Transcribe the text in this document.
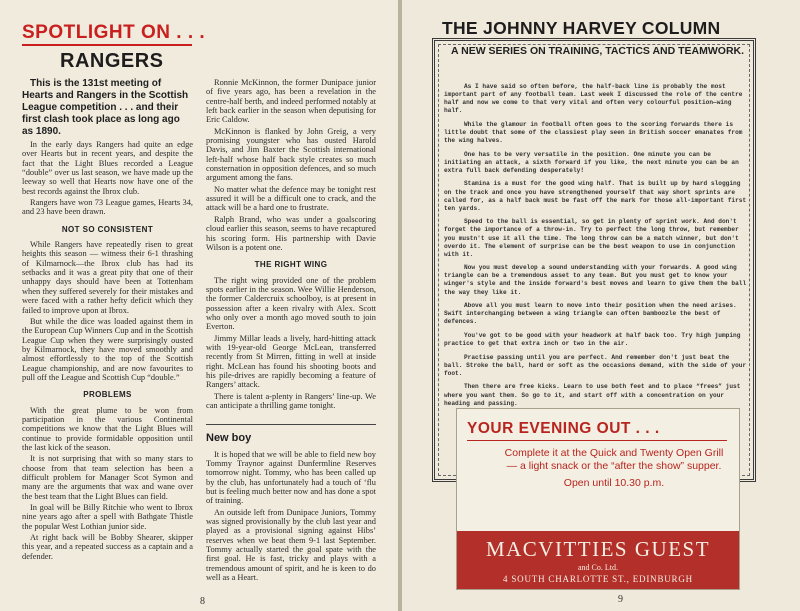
SPOTLIGHT ON . . .
RANGERS

This is the 131st meeting of Hearts and Rangers in the Scottish League competition . . . and their first clash took place as long ago as 1890.

In the early days Rangers had quite an edge over Hearts but in recent years, and despite the fact that the Light Blues recorded a League “double” over us last season, we have made up the leeway so well that Hearts now have one of the best records against the Ibrox club.

Rangers have won 73 League games, Hearts 34, and 23 have been drawn.

NOT SO CONSISTENT

While Rangers have repeatedly risen to great heights this season — witness their 6-1 thrashing of Kilmarnock—the Ibrox club has had its setbacks and it was a great pity that one of their unhappy days should have been at Tottenham when they suffered severely for their mistakes and were faced with a rather hefty deficit which they failed to improve upon at Ibrox.

But while the dice was loaded against them in the European Cup Winners Cup and in the Scottish League Cup when they were surprisingly ousted by Kilmarnock, they have moved smoothly and almost effortlessly to the top of the Scottish League championship, and are now favourites to pull off the League and Scottish Cup “double.”

PROBLEMS

With the great plume to be won from participation in the various Continental competitions we know that the Light Blues will continue to provide formidable opposition until the last kick of the season.

It is not surprising that with so many stars to choose from that team selection has been a difficult problem for Manager Scot Symon and many are the arguments that wax and wane over the best team that the Light Blues can field.

In goal will be Billy Ritchie who went to Ibrox nine years ago after a spell with Bathgate Thistle the popular West Lothian junior side.

At right back will be Bobby Shearer, skipper this year, and a repeated success as a captain and a defender.

Ronnie McKinnon, the former Dunipace junior of five years ago, has been a revelation in the centre-half berth, and indeed performed notably at left back earlier in the season when deputising for Eric Caldow.

McKinnon is flanked by John Greig, a very promising youngster who has ousted Harold Davis, and Jim Baxter the Scottish international left-half whose half back style creates so much consternation in opposition defences, and so much argument among the fans.

No matter what the defence may be tonight rest assured it will be a difficult one to crack, and the attack will be a hard one to frustrate.

Ralph Brand, who was under a goalscoring cloud earlier this season, seems to have recaptured his scoring form. His partnership with Davie Wilson is a potent one.

THE RIGHT WING

The right wing provided one of the problem spots earlier in the season. Wee Willie Henderson, the former Caldercruix schoolboy, is at present in possession after a keen rivalry with Alex. Scott who only over a month ago moved south to join Everton.

Jimmy Millar leads a lively, hard-hitting attack with 19-year-old George McLean, transferred recently from St Mirren, fitting in well at inside right. McLean has found his shooting boots and his pile-drives are rapidly becoming a feature of Rangers’ attack.

There is talent a-plenty in Rangers’ line-up. We can anticipate a thrilling game tonight.

New boy

It is hoped that we will be able to field new boy Tommy Traynor against Dunfermline Reserves tomorrow night. Tommy, who has been called up by the club, has unfortunately had a touch of ‘flu but is feeling much better now and has done a spot of training.

An outside left from Dunipace Juniors, Tommy was signed provisionally by the club last year and played as a provisional signing against Hibs’ reserves when we beat them 9-1 last September. Tommy actually started the goal spate with the first goal. He is fast, tricky and plays with a tremendous amount of spirit, and he is keen to do well as a Heart.

8
THE JOHNNY HARVEY COLUMN
A NEW SERIES ON TRAINING, TACTICS AND TEAMWORK.

As I have said so often before, the half-back line is probably the most important part of any football team. Last week I discussed the role of the centre half and now we come to that very vital and often very colourful position—wing half.

While the glamour in football often goes to the scoring forwards there is little doubt that some of the classiest play seen in British soccer emanates from the wing halves.

One has to be very versatile in the position. One minute you can be initiating an attack, a sixth forward if you like, the next minute you can be an extra full back defending desperately!

Stamina is a must for the good wing half. That is built up by hard slogging on the track and once you have strengthened yourself that way short sprints are called for, as a half back must be fast off the mark for those all-important first ten yards.

Speed to the ball is essential, so get in plenty of sprint work. And don't forget the importance of a throw-in. Try to perfect the long throw, but remember you mustn't use it all the time. The long throw can be a match winner, but don't overdo it. The element of surprise can be the best weapon to use in conjunction with it.

Now you must develop a sound understanding with your forwards. A good wing triangle can be a tremendous asset to any team. But you must get to know your winger's style and the inside forward's best moves and learn to give them the ball the way they like it.

Above all you must learn to move into their position when the need arises. Swift interchanging between a wing triangle can often bamboozle the best of defences.

You've got to be good with your headwork at half back too. Try high jumping practice to get that extra inch or two in the air.

Practise passing until you are perfect. And remember don't just beat the ball. Stroke the ball, hard or soft as the occasions demand, with the side of your foot.

Then there are free kicks. Learn to use both feet and to place “frees” just where you want them. So go to it, and start off with a concentration on your heading and passing.

YOUR EVENING OUT . . .
Complete it at the Quick and Twenty Open Grill — a light snack or the “after the show” supper.
Open until 10.30 p.m.
MACVITTIES GUEST
and Co. Ltd.
4 SOUTH CHARLOTTE ST., EDINBURGH
9
